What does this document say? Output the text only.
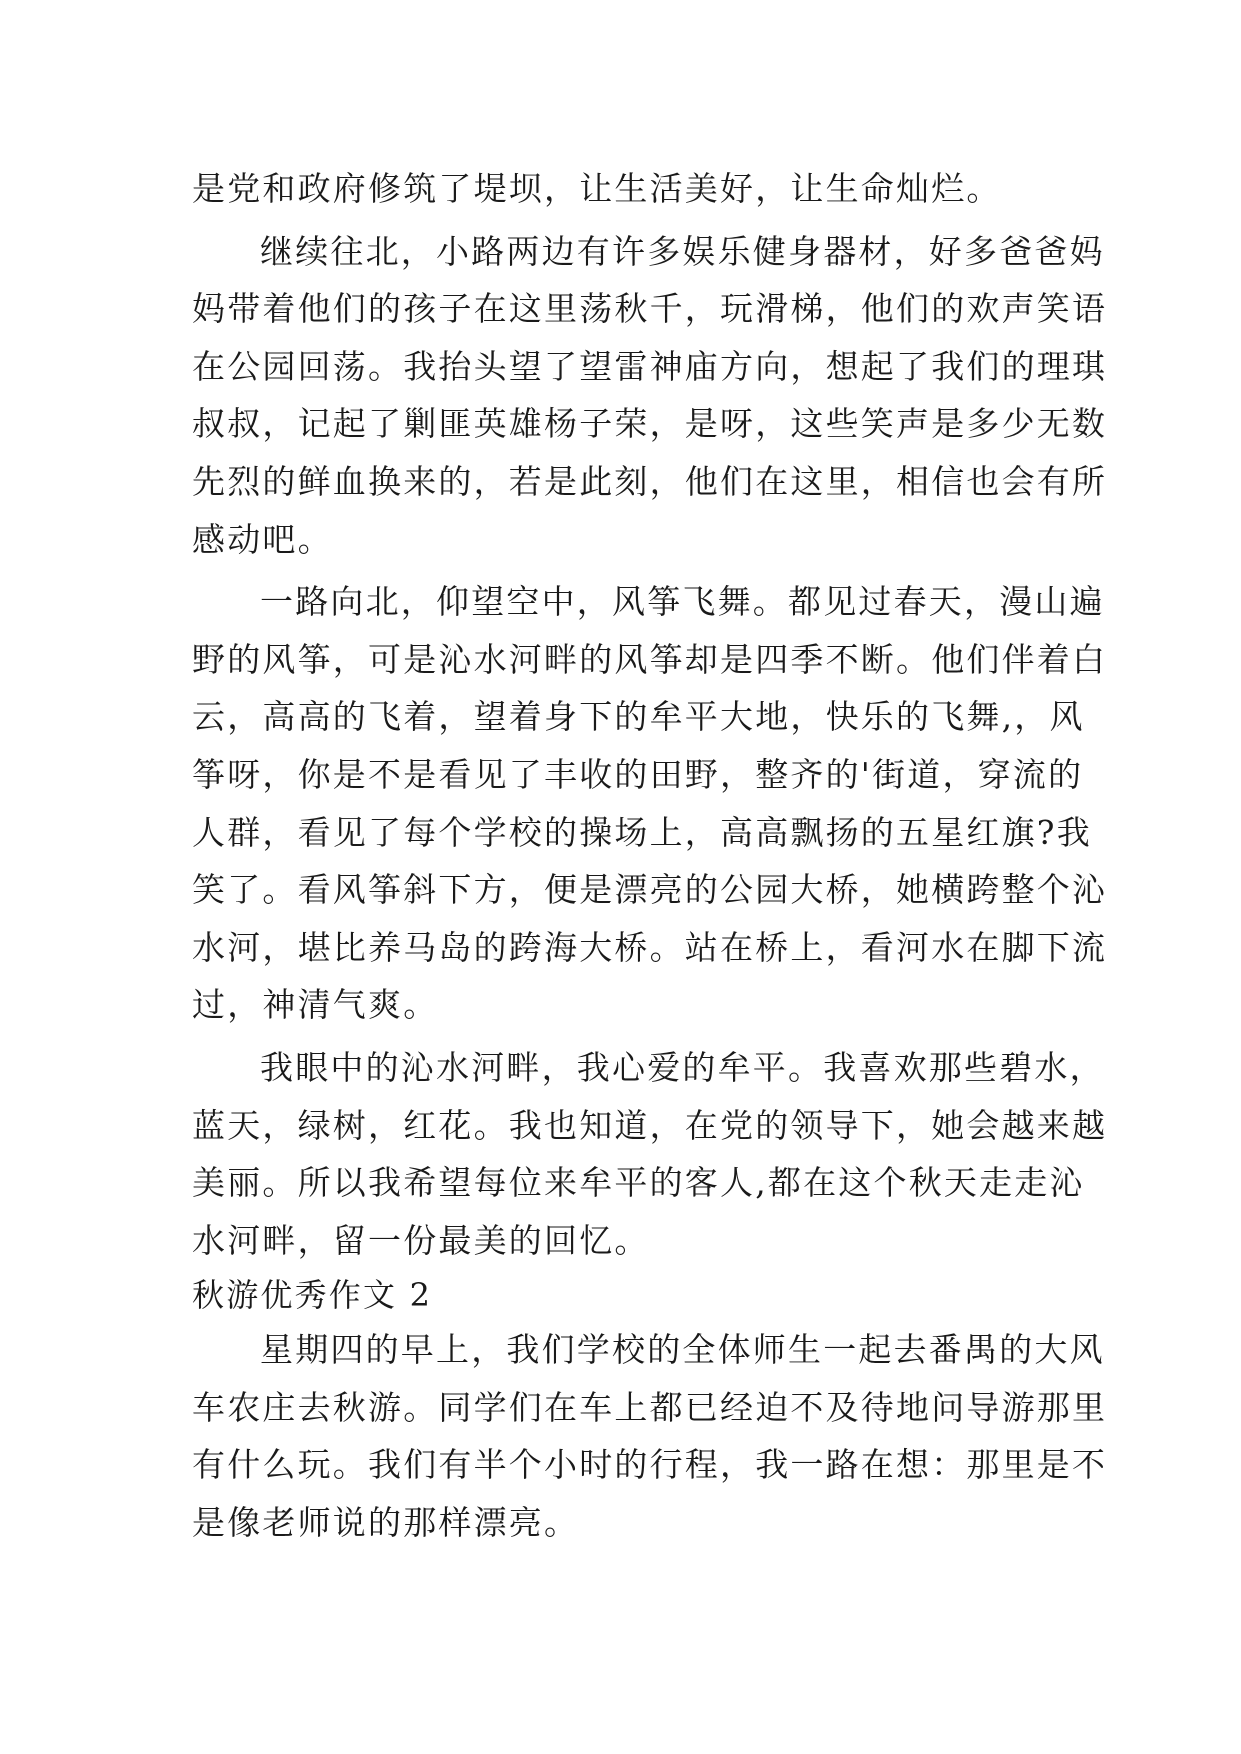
是党和政府修筑了堤坝，让生活美好，让生命灿烂。
继续往北，小路两边有许多娱乐健身器材，好多爸爸妈
妈带着他们的孩子在这里荡秋千，玩滑梯，他们的欢声笑语
在公园回荡。我抬头望了望雷神庙方向，想起了我们的理琪
叔叔，记起了剿匪英雄杨子荣，是呀，这些笑声是多少无数
先烈的鲜血换来的，若是此刻，他们在这里，相信也会有所
感动吧。
一路向北，仰望空中，风筝飞舞。都见过春天，漫山遍
野的风筝，可是沁水河畔的风筝却是四季不断。他们伴着白
云，高高的飞着，望着身下的牟平大地，快乐的飞舞,，风
筝呀，你是不是看见了丰收的田野，整齐的'街道，穿流的
人群，看见了每个学校的操场上，高高飘扬的五星红旗?我
笑了。看风筝斜下方，便是漂亮的公园大桥，她横跨整个沁
水河，堪比养马岛的跨海大桥。站在桥上，看河水在脚下流
过，神清气爽。
我眼中的沁水河畔，我心爱的牟平。我喜欢那些碧水，
蓝天，绿树，红花。我也知道，在党的领导下，她会越来越
美丽。所以我希望每位来牟平的客人,都在这个秋天走走沁
水河畔，留一份最美的回忆。
秋游优秀作文 2
星期四的早上，我们学校的全体师生一起去番禺的大风
车农庄去秋游。同学们在车上都已经迫不及待地问导游那里
有什么玩。我们有半个小时的行程，我一路在想：那里是不
是像老师说的那样漂亮。
